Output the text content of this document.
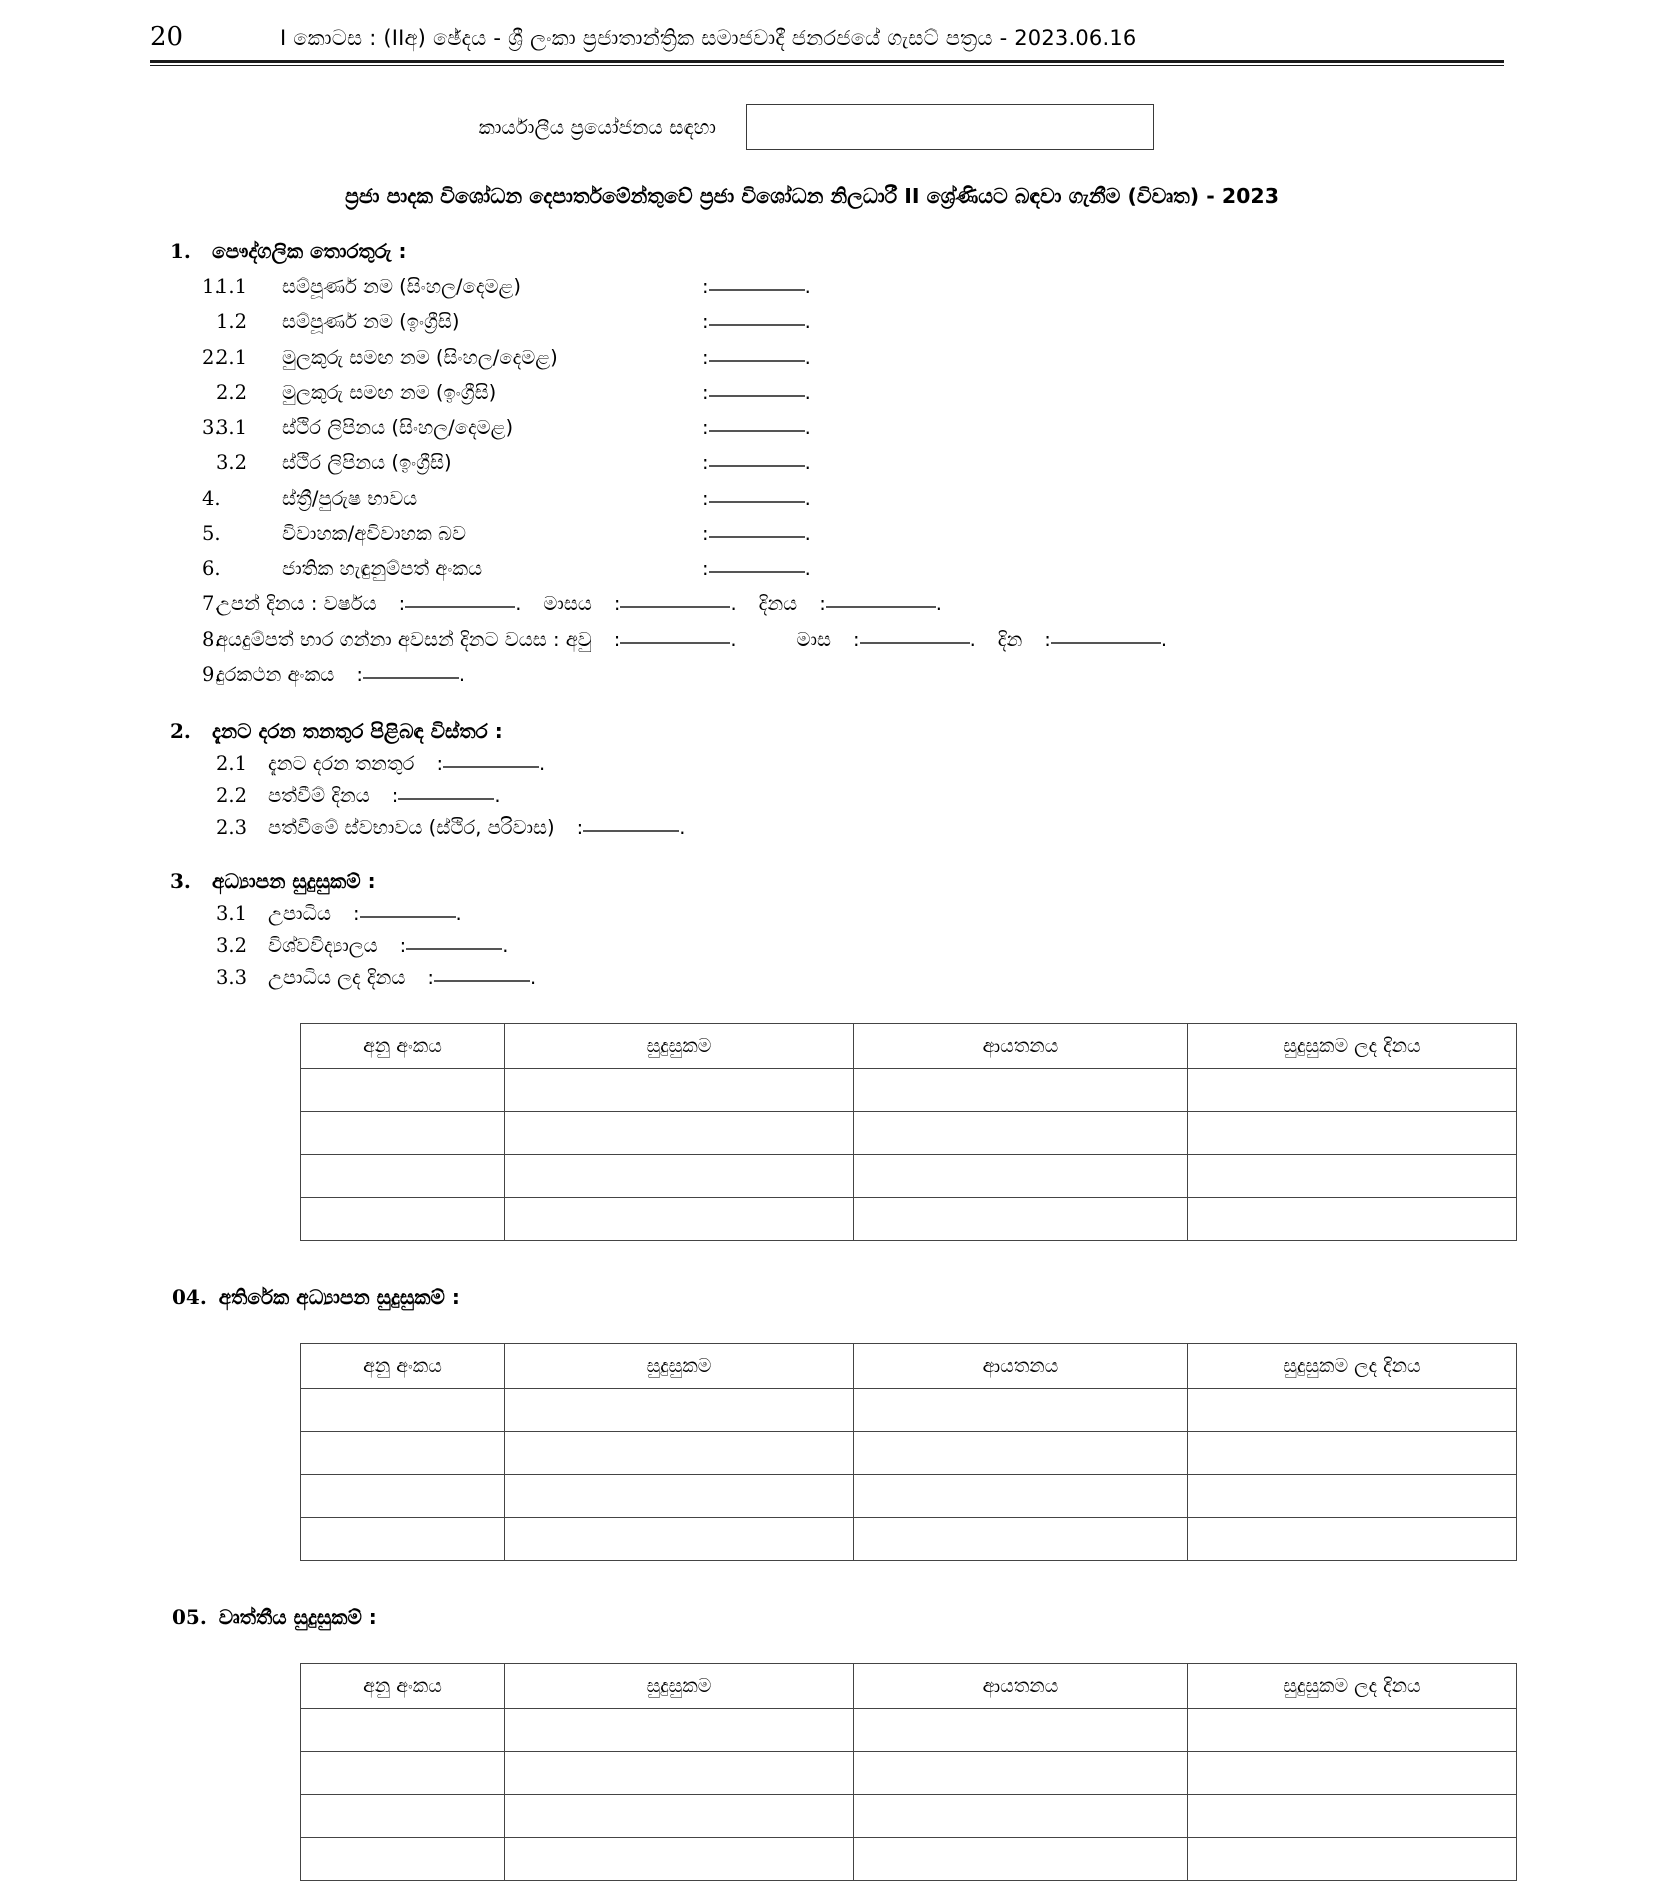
20	I කොටස : (IIඅ) ඡේදය - ශ්‍රී ලංකා ප්‍රජාතාන්ත්‍රික සමාජවාදී ජනරජයේ ගැසට් පත්‍රය - 2023.06.16
කාර්යාලීය ප්‍රයෝජනය සඳහා
ප්‍රජා පාදක විශෝධන දෙපාර්තමේන්තුවේ ප්‍රජා විශෝධන නිලධාරී II ශ්‍රේණියට බඳවා ගැනීම (විවෘත) - 2023
1.	පෞද්ගලික තොරතුරු :
1.
1.1	සම්පූර්ණ නම (සිංහල/දෙමළ)	:	.
1.2	සම්පූර්ණ නම (ඉංග්‍රීසි)	:	.
2.
2.1	මුලකුරු සමඟ නම (සිංහල/දෙමළ)	:	.
2.2	මුලකුරු සමඟ නම (ඉංග්‍රීසි)	:	.
3.
3.1	ස්ථිර ලිපිනය (සිංහල/දෙමළ)	:	.
3.2	ස්ථිර ලිපිනය (ඉංග්‍රීසි)	:	.
4.	ස්ත්‍රී/පුරුෂ භාවය	:	.
5.	විවාහක/අවිවාහක බව	:	.
6.	ජාතික හැඳුනුම්පත් අංකය	:	.
7.
උපන් දිනය : වර්ෂය :	. මාසය :	. දිනය :	.
8.
අයදුම්පත් භාර ගන්නා අවසන් දිනට වයස : අවු :	.	මාස :	. දින :	.
9.
දුරකථන අංකය :	.
2.	දැනට දරන තනතුර පිළිබඳ විස්තර :
2.1	දැනට දරන තනතුර :	.
2.2	පත්වීම් දිනය :	.
2.3	පත්වීමේ ස්වභාවය (ස්ථිර, පරිවාස) :	.
3.	අධ්‍යාපන සුදුසුකම් :
3.1	උපාධිය :	.
3.2	විශ්වවිද්‍යාලය :	.
3.3	උපාධිය ලද දිනය :	.
අනු අංකය	සුදුසුකම	ආයතනය	සුදුසුකම ලද දිනය

04. අතිරේක අධ්‍යාපන සුදුසුකම් :
අනු අංකය	සුදුසුකම	ආයතනය	සුදුසුකම ලද දිනය

05. වෘත්තීය සුදුසුකම් :
අනු අංකය	සුදුසුකම	ආයතනය	සුදුසුකම ලද දිනය
